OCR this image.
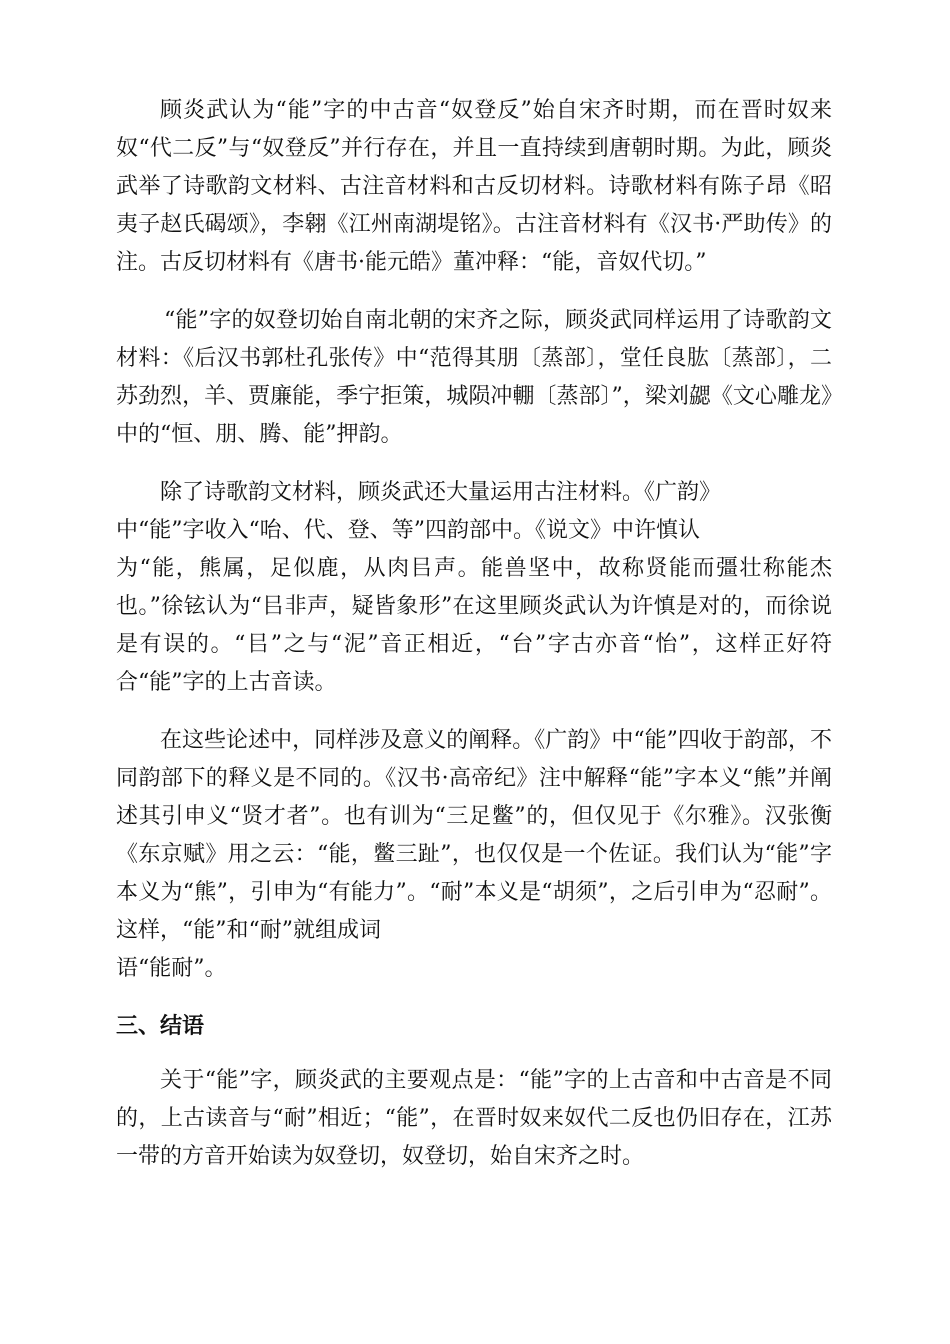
顾炎武认为“能”字的中古音“奴登反”始自宋齐时期，而在晋时奴来奴“代二反”与“奴登反”并行存在，并且一直持续到唐朝时期。为此，顾炎武举了诗歌韵文材料、古注音材料和古反切材料。诗歌材料有陈子昂《昭夷子赵氏碣颂》，李翱《江州南湖堤铭》。古注音材料有《汉书·严助传》的注。古反切材料有《唐书·能元皓》董冲释：“能，音奴代切。”

“能”字的奴登切始自南北朝的宋齐之际，顾炎武同样运用了诗歌韵文材料：《后汉书郭杜孔张传》中“范得其朋〔蒸部〕，堂任良肱〔蒸部〕，二苏劲烈，羊、贾廉能，季宁拒策，城陨冲輣〔蒸部〕”，梁刘勰《文心雕龙》中的“恒、朋、腾、能”押韵。

除了诗歌韵文材料，顾炎武还大量运用古注材料。《广韵》
中“能”字收入“咍、代、登、等”四韵部中。《说文》中许慎认
为“能，熊属，足似鹿，从肉㠯声。能兽坚中，故称贤能而彊壮称能杰也。”徐铉认为“㠯非声，疑皆象形”在这里顾炎武认为许慎是对的，而徐说是有误的。“㠯”之与“泥”音正相近，“台”字古亦音“怡”，这样正好符合“能”字的上古音读。

在这些论述中，同样涉及意义的阐释。《广韵》中“能”四收于韵部，不同韵部下的释义是不同的。《汉书·高帝纪》注中解释“能”字本义“熊”并阐述其引申义“贤才者”。也有训为“三足鳖”的，但仅见于《尔雅》。汉张衡《东京赋》用之云：“能，鳖三趾”，也仅仅是一个佐证。我们认为“能”字本义为“熊”，引申为“有能力”。“耐”本义是“胡须”，之后引申为“忍耐”。这样，“能”和“耐”就组成词
语“能耐”。

三、结语

关于“能”字，顾炎武的主要观点是：“能”字的上古音和中古音是不同的，上古读音与“耐”相近；“能”，在晋时奴来奴代二反也仍旧存在，江苏一带的方音开始读为奴登切，奴登切，始自宋齐之时。
